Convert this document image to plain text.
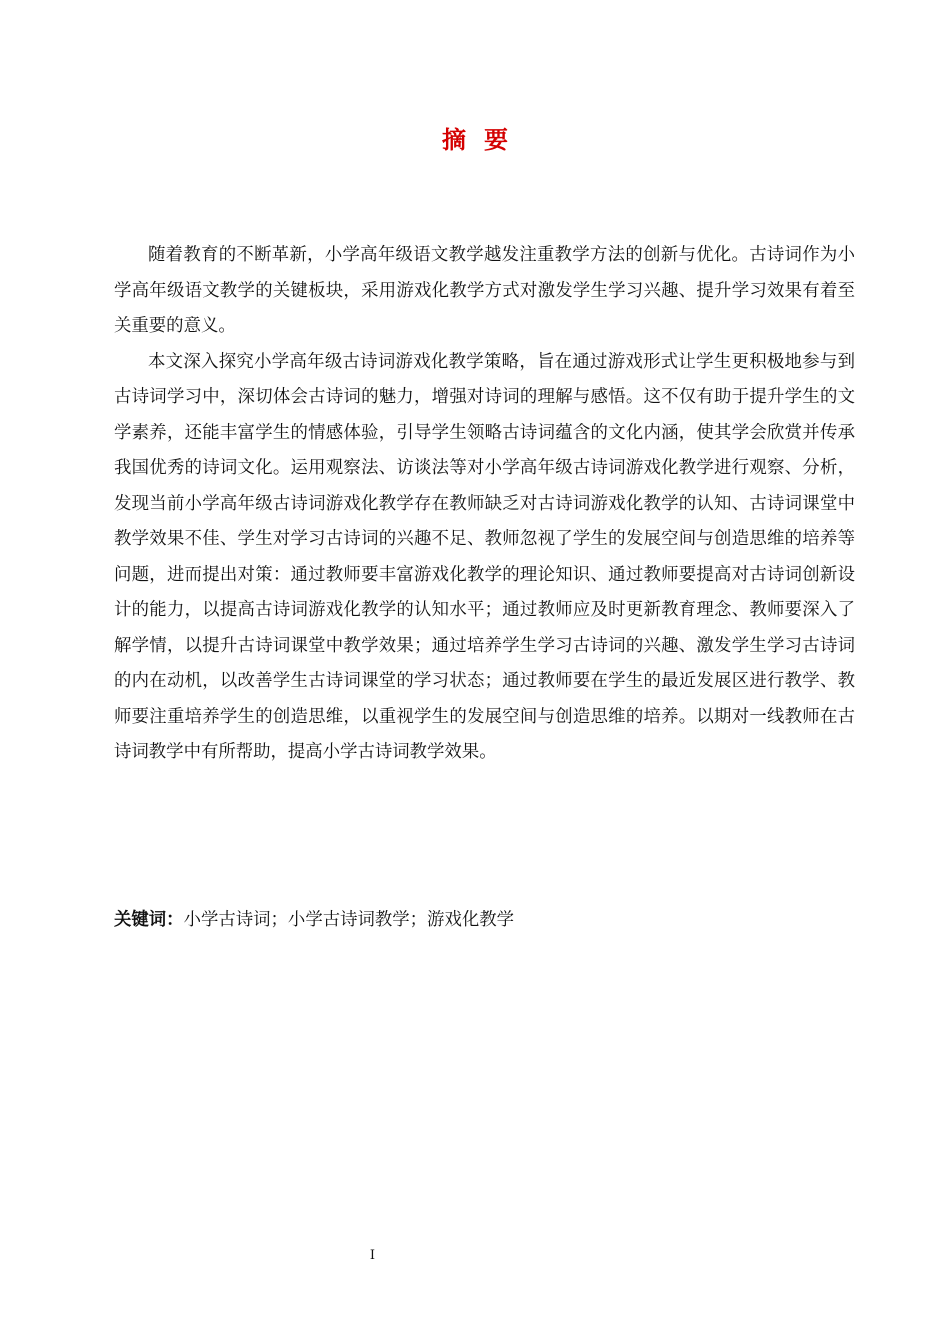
摘要

随着教育的不断革新，小学高年级语文教学越发注重教学方法的创新与优化。古诗词作为小学高年级语文教学的关键板块，采用游戏化教学方式对激发学生学习兴趣、提升学习效果有着至关重要的意义。

本文深入探究小学高年级古诗词游戏化教学策略，旨在通过游戏形式让学生更积极地参与到古诗词学习中，深切体会古诗词的魅力，增强对诗词的理解与感悟。这不仅有助于提升学生的文学素养，还能丰富学生的情感体验，引导学生领略古诗词蕴含的文化内涵，使其学会欣赏并传承我国优秀的诗词文化。运用观察法、访谈法等对小学高年级古诗词游戏化教学进行观察、分析，发现当前小学高年级古诗词游戏化教学存在教师缺乏对古诗词游戏化教学的认知、古诗词课堂中教学效果不佳、学生对学习古诗词的兴趣不足、教师忽视了学生的发展空间与创造思维的培养等问题，进而提出对策：通过教师要丰富游戏化教学的理论知识、通过教师要提高对古诗词创新设计的能力，以提高古诗词游戏化教学的认知水平；通过教师应及时更新教育理念、教师要深入了解学情，以提升古诗词课堂中教学效果；通过培养学生学习古诗词的兴趣、激发学生学习古诗词的内在动机，以改善学生古诗词课堂的学习状态；通过教师要在学生的最近发展区进行教学、教师要注重培养学生的创造思维，以重视学生的发展空间与创造思维的培养。以期对一线教师在古诗词教学中有所帮助，提高小学古诗词教学效果。

关键词：小学古诗词；小学古诗词教学；游戏化教学
I
